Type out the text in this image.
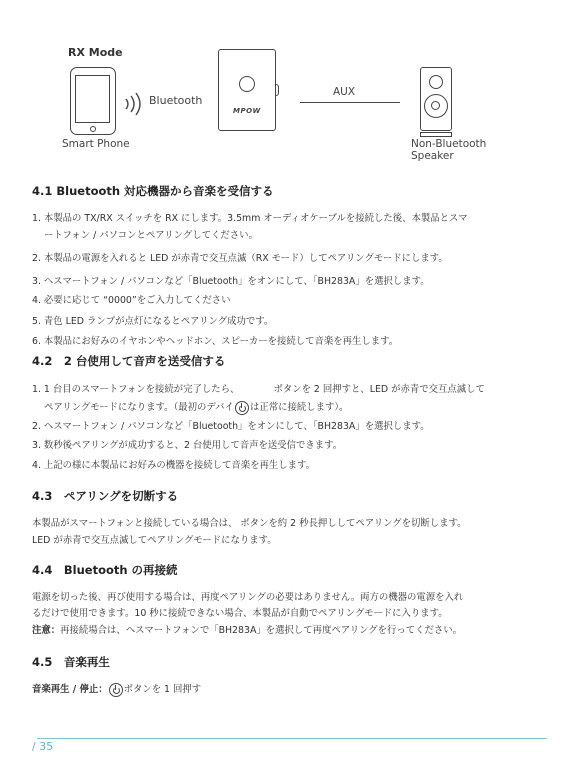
RX Mode
Bluetooth
Smart Phone
MPOW
AUX
Non-Bluetooth
Speaker
4.1 Bluetooth 対応機器から音楽を受信する
1. 本製品の TX/RX スイッチを RX にします。3.5mm オーディオケーブルを接続した後、本製品とスマ
ートフォン / パソコンとペアリングしてください。
2. 本製品の電源を入れると LED が赤青で交互点滅（RX モード）してペアリングモードにします。
3. ヘスマートフォン / パソコンなど「Bluetooth」をオンにして、「BH283A」を選択します。
4. 必要に応じて “0000”をご入力してください
5. 青色 LED ランプが点灯になるとペアリング成功です。
6. 本製品にお好みのイヤホンやヘッドホン、スピーカーを接続して音楽を再生します。
4.2　2 台使用して音声を送受信する
1. 1 台目のスマートフォンを接続が完了したら、	ボタンを 2 回押すと、LED が赤青で交互点滅して
ペアリングモードになります。（最初のデバイ は正常に接続します）。
2. ヘスマートフォン / パソコンなど「Bluetooth」をオンにして、「BH283A」を選択します。
3. 数秒後ペアリングが成功すると、2 台使用して音声を送受信できます。
4. 上記の様に本製品にお好みの機器を接続して音楽を再生します。
4.3　ペアリングを切断する
本製品がスマートフォンと接続している場合は、 ボタンを約 2 秒長押ししてペアリングを切断します。
LED が赤青で交互点滅してペアリングモードになります。
4.4　Bluetooth の再接続
電源を切った後、再び使用する場合は、再度ペアリングの必要はありません。両方の機器の電源を入れ
るだけで使用できます。10 秒に接続できない場合、本製品が自動でペアリングモードに入ります。
注意：再接続場合は、ヘスマートフォンで「BH283A」を選択して再度ペアリングを行ってください。
4.5　音楽再生
音楽再生 / 停止： ボタンを 1 回押す
/ 35
